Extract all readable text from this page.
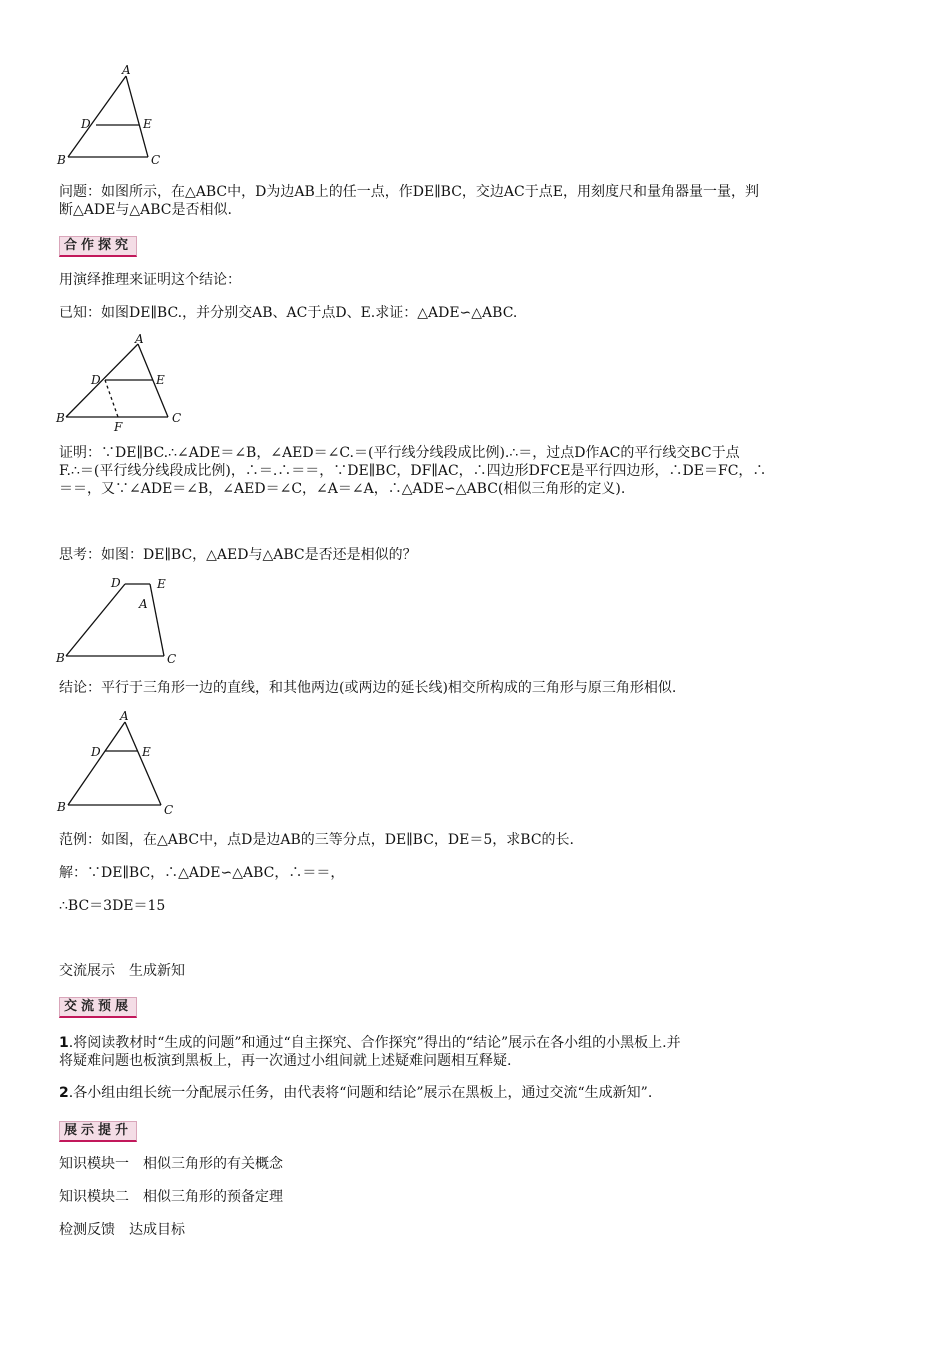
A
D	E
B	C

问题：如图所示，在△ABC中，D为边AB上的任一点，作DE∥BC，交边AC于点E，用刻度尺和量角器量一量，判

断△ADE与△ABC是否相似.

合作探究

用演绎推理来证明这个结论：

已知：如图DE∥BC.，并分别交AB、AC于点D、E.求证：△ADE∽△ABC.

A
D	E
B	C
F

证明：∵DE∥BC.∴∠ADE＝∠B，∠AED＝∠C.＝(平行线分线段成比例).∴＝，过点D作AC的平行线交BC于点

F.∴＝(平行线分线段成比例)，∴＝.∴＝＝，∵DE∥BC，DF∥AC，∴四边形DFCE是平行四边形，∴DE＝FC，∴

＝＝，又∵∠ADE＝∠B，∠AED＝∠C，∠A＝∠A，∴△ADE∽△ABC(相似三角形的定义).

思考：如图：DE∥BC，△AED与△ABC是否还是相似的？

D	E
A
B	C

结论：平行于三角形一边的直线，和其他两边(或两边的延长线)相交所构成的三角形与原三角形相似.

A
D	E
B	C

范例：如图，在△ABC中，点D是边AB的三等分点，DE∥BC，DE＝5，求BC的长.

解：∵DE∥BC，∴△ADE∽△ABC，∴＝＝，

∴BC＝3DE＝15

交流展示　生成新知

交流预展

1.将阅读教材时“生成的问题”和通过“自主探究、合作探究”得出的“结论”展示在各小组的小黑板上.并

将疑难问题也板演到黑板上，再一次通过小组间就上述疑难问题相互释疑.

2.各小组由组长统一分配展示任务，由代表将“问题和结论”展示在黑板上，通过交流“生成新知”.

展示提升

知识模块一　相似三角形的有关概念

知识模块二　相似三角形的预备定理

检测反馈　达成目标
